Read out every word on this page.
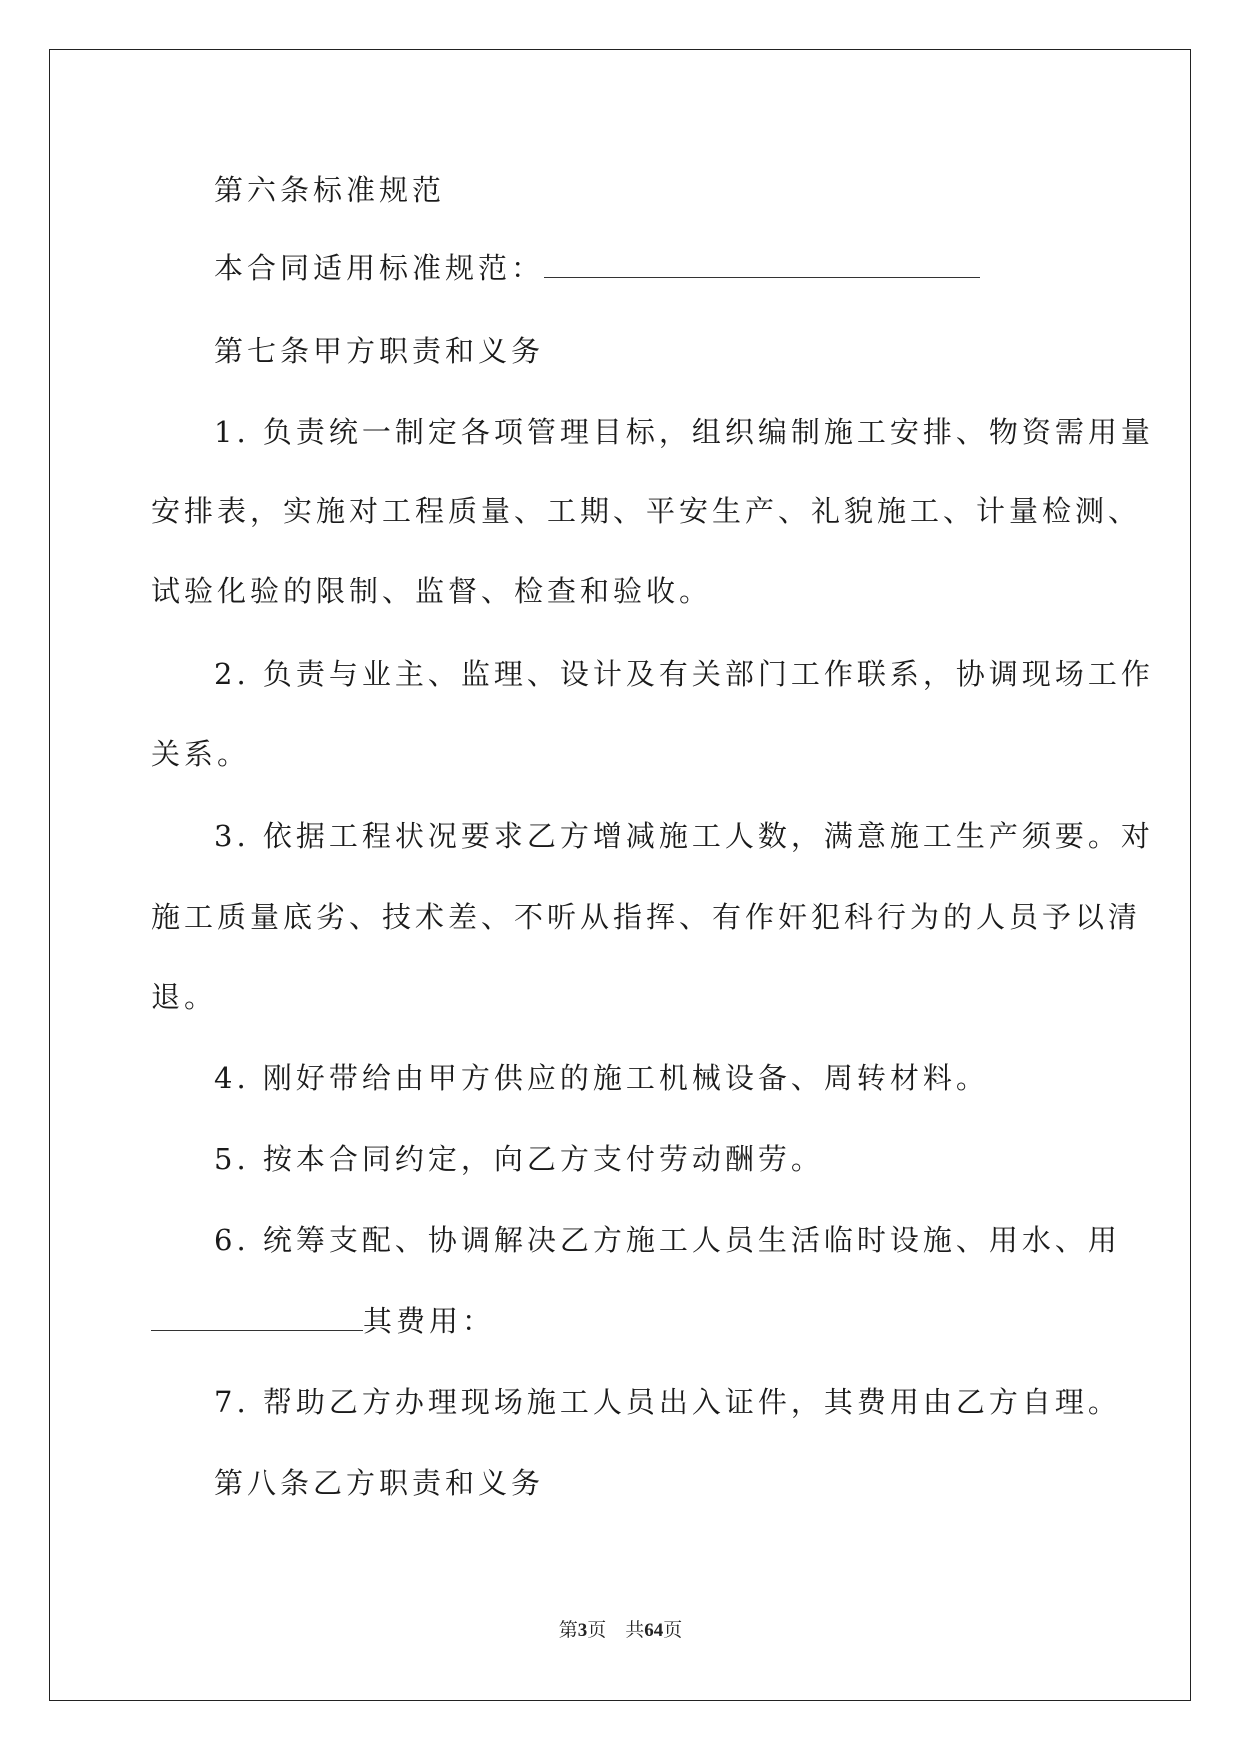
第六条标准规范
本合同适用标准规范：
第七条甲方职责和义务
1. 负责统一制定各项管理目标，组织编制施工安排、物资需用量
安排表，实施对工程质量、工期、平安生产、礼貌施工、计量检测、
试验化验的限制、监督、检查和验收。
2. 负责与业主、监理、设计及有关部门工作联系，协调现场工作
关系。
3. 依据工程状况要求乙方增减施工人数，满意施工生产须要。对
施工质量底劣、技术差、不听从指挥、有作奸犯科行为的人员予以清
退。
4. 刚好带给由甲方供应的施工机械设备、周转材料。
5. 按本合同约定，向乙方支付劳动酬劳。
6. 统筹支配、协调解决乙方施工人员生活临时设施、用水、用
其费用：
7. 帮助乙方办理现场施工人员出入证件，其费用由乙方自理。
第八条乙方职责和义务
第3页　共64页
